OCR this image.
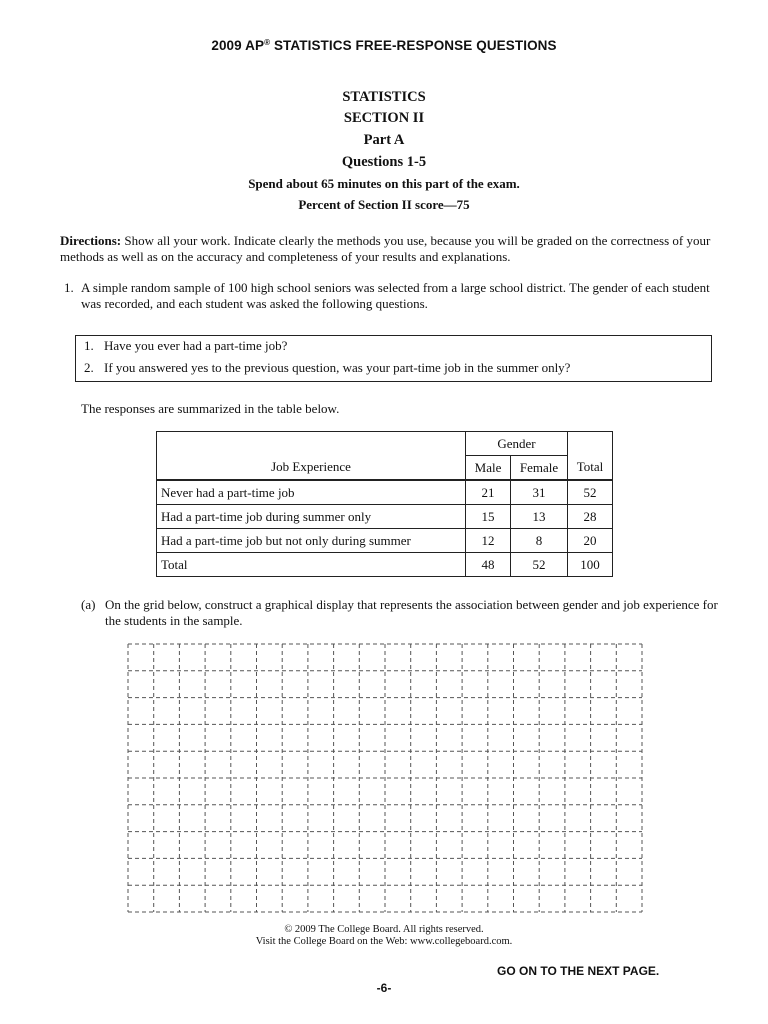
2009 AP® STATISTICS FREE-RESPONSE QUESTIONS
STATISTICS
SECTION II
Part A
Questions 1-5
Spend about 65 minutes on this part of the exam.
Percent of Section II score—75
Directions: Show all your work. Indicate clearly the methods you use, because you will be graded on the correctness of your methods as well as on the accuracy and completeness of your results and explanations.
1. A simple random sample of 100 high school seniors was selected from a large school district. The gender of each student was recorded, and each student was asked the following questions.
1. Have you ever had a part-time job?
2. If you answered yes to the previous question, was your part-time job in the summer only?
The responses are summarized in the table below.
	Gender		
Job Experience	Male	Female	Total
Never had a part-time job	21	31	52
Had a part-time job during summer only	15	13	28
Had a part-time job but not only during summer	12	8	20
Total	48	52	100
(a) On the grid below, construct a graphical display that represents the association between gender and job experience for the students in the sample.
© 2009 The College Board. All rights reserved.
Visit the College Board on the Web: www.collegeboard.com.
GO ON TO THE NEXT PAGE.
-6-
